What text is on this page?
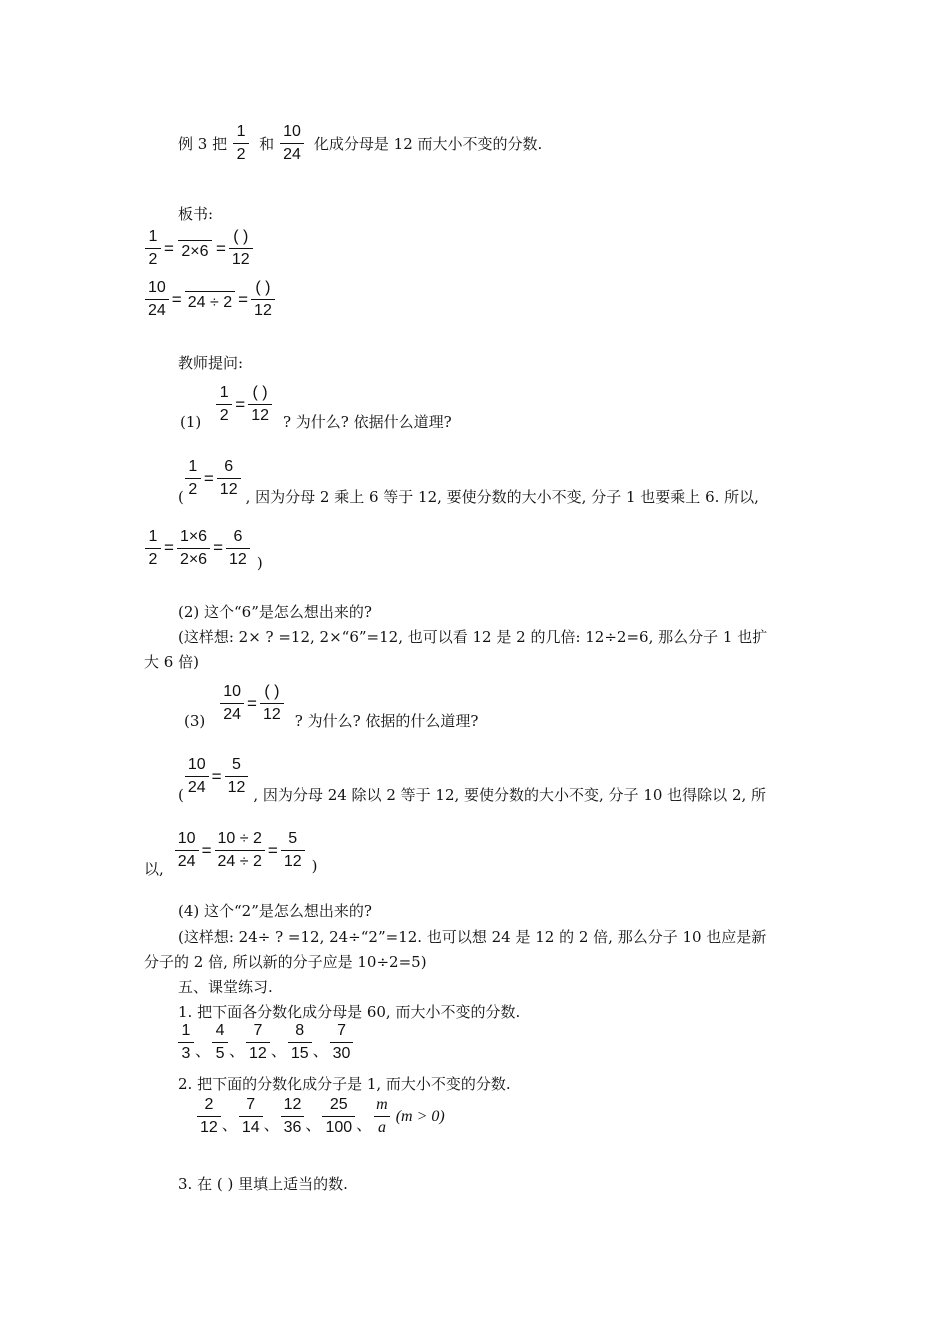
例 3 把 $\frac{1}{2}$ 和 $\frac{10}{24}$ 化成分母是 12 而大小不变的分数.
板书:
$\frac{1}{2} = 2\times 6 = \frac{( )}{12}$
$\frac{10}{24} = 24 \div 2 = \frac{( )}{12}$
教师提问:
$(1) \frac{1}{2} = \frac{( )}{12}$ ? 为什么? 依据什么道理?
( $\frac{1}{2} = \frac{6}{12}$ , 因为分母 2 乘上 6 等于 12, 要使分数的大小不变, 分子 1 也要乘上 6. 所以,
$\frac{1}{2} = \frac{1\times 6}{2\times 6} = \frac{6}{12}$ )
(2) 这个“6”是怎么想出来的?
(这样想: 2× ? =12, 2×“6”=12, 也可以看 12 是 2 的几倍: 12÷2=6, 那么分子 1 也扩
大 6 倍)
$(3) \frac{10}{24} = \frac{( )}{12}$ ? 为什么? 依据的什么道理?
( $\frac{10}{24} = \frac{5}{12}$ , 因为分母 24 除以 2 等于 12, 要使分数的大小不变, 分子 10 也得除以 2, 所
以, $\frac{10}{24} = \frac{10 \div 2}{24 \div 2} = \frac{5}{12}$ )
(4) 这个“2”是怎么想出来的?
(这样想: 24÷ ? =12, 24÷“2”=12. 也可以想 24 是 12 的 2 倍, 那么分子 10 也应是新
分子的 2 倍, 所以新的分子应是 10÷2=5)
五、课堂练习.
1. 把下面各分数化成分母是 60, 而大小不变的分数.
$\frac{1}{3}$ 、 $\frac{4}{5}$ 、 $\frac{7}{12}$ 、 $\frac{8}{15}$ 、 $\frac{7}{30}$
2. 把下面的分数化成分子是 1, 而大小不变的分数.
$\frac{2}{12}$ 、 $\frac{7}{14}$ 、 $\frac{12}{36}$ 、 $\frac{25}{100}$ 、 $\frac{m}{a} (m > 0)$
3. 在 ( ) 里填上适当的数.
